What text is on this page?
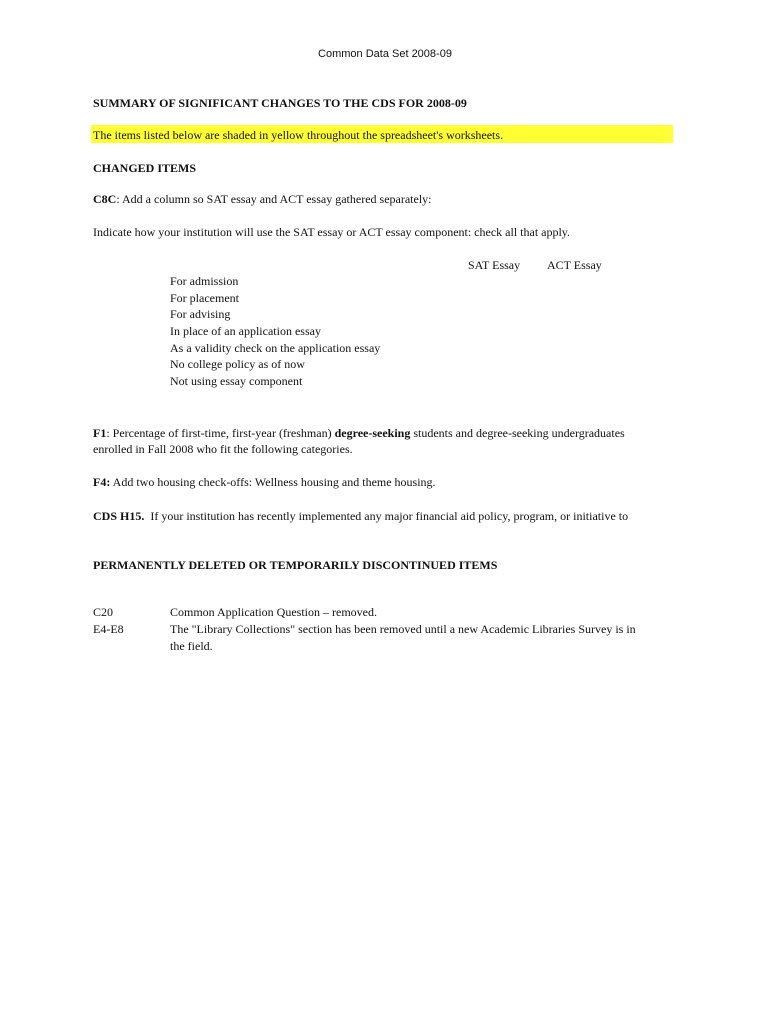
Common Data Set 2008-09
SUMMARY OF SIGNIFICANT CHANGES TO THE CDS FOR 2008-09
The items listed below are shaded in yellow throughout the spreadsheet's worksheets.
CHANGED ITEMS
C8C: Add a column so SAT essay and ACT essay gathered separately:
Indicate how your institution will use the SAT essay or ACT essay component: check all that apply.
SAT Essay ACT Essay
For admission
For placement
For advising
In place of an application essay
As a validity check on the application essay
No college policy as of now
Not using essay component
F1: Percentage of first-time, first-year (freshman) degree-seeking students and degree-seeking undergraduates
enrolled in Fall 2008 who fit the following categories.
F4: Add two housing check-offs: Wellness housing and theme housing.
CDS H15.  If your institution has recently implemented any major financial aid policy, program, or initiative to
PERMANENTLY DELETED OR TEMPORARILY DISCONTINUED ITEMS
C20	Common Application Question – removed.
E4-E8	The "Library Collections" section has been removed until a new Academic Libraries Survey is in
the field.
